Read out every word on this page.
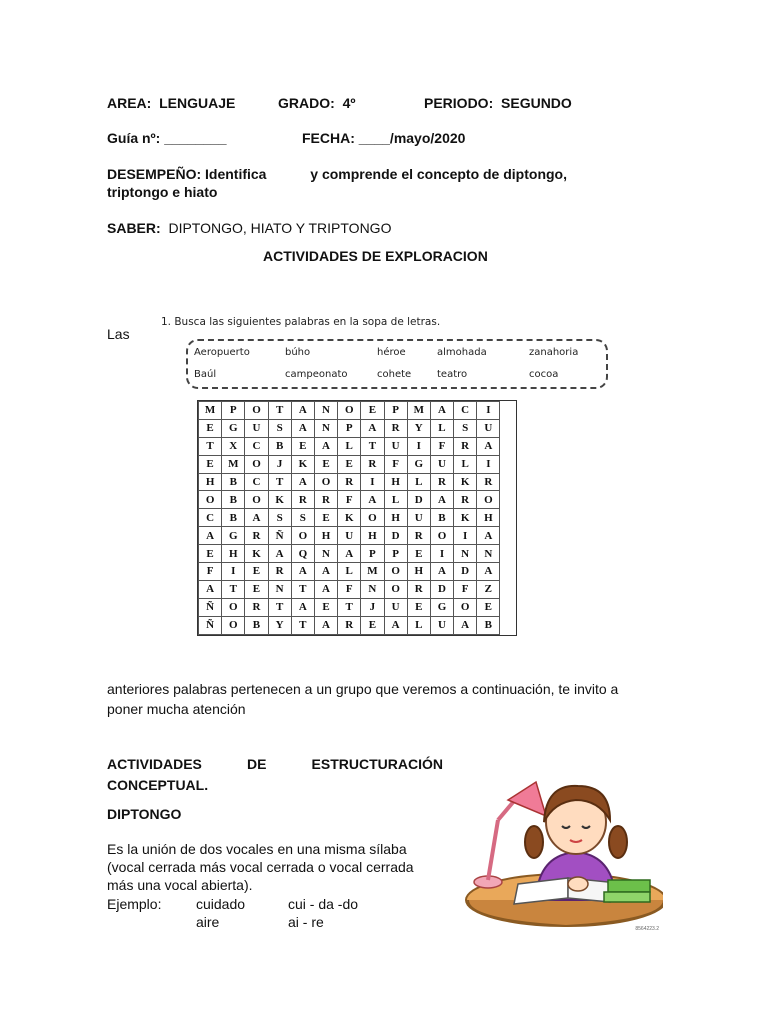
AREA: LENGUAJE	GRADO: 4º	PERIODO: SEGUNDO
Guía nº: ________	FECHA: ____/mayo/2020
DESEMPEÑO: Identifica	y comprende el concepto de diptongo,
triptongo e hiato
SABER: DIPTONGO, HIATO Y TRIPTONGO
ACTIVIDADES DE EXPLORACION
Las
1. Busca las siguientes palabras en la sopa de letras.
Aeropuerto	búho	héroe	almohada	zanahoria
Baúl	campeonato	cohete	teatro	cocoa
M	P	O	T	A	N	O	E	P	M	A	C	I
E	G	U	S	A	N	P	A	R	Y	L	S	U
T	X	C	B	E	A	L	T	U	I	F	R	A
E	M	O	J	K	E	E	R	F	G	U	L	I
H	B	C	T	A	O	R	I	H	L	R	K	R
O	B	O	K	R	R	F	A	L	D	A	R	O
C	B	A	S	S	E	K	O	H	U	B	K	H
A	G	R	Ñ	O	H	U	H	D	R	O	I	A
E	H	K	A	Q	N	A	P	P	E	I	N	N
F	I	E	R	A	A	L	M	O	H	A	D	A
A	T	E	N	T	A	F	N	O	R	D	F	Z
Ñ	O	R	T	A	E	T	J	U	E	G	O	E
Ñ	O	B	Y	T	A	R	E	A	L	U	A	B
anteriores palabras pertenecen a un grupo que veremos a continuación, te invito a
poner mucha atención
ACTIVIDADES	DE	ESTRUCTURACIÓN
CONCEPTUAL.
DIPTONGO
Es la unión de dos vocales en una misma sílaba
(vocal cerrada más vocal cerrada o vocal cerrada
más una vocal abierta).
Ejemplo: cuidado	cui - da -do
aire	ai - re	8564223.2
